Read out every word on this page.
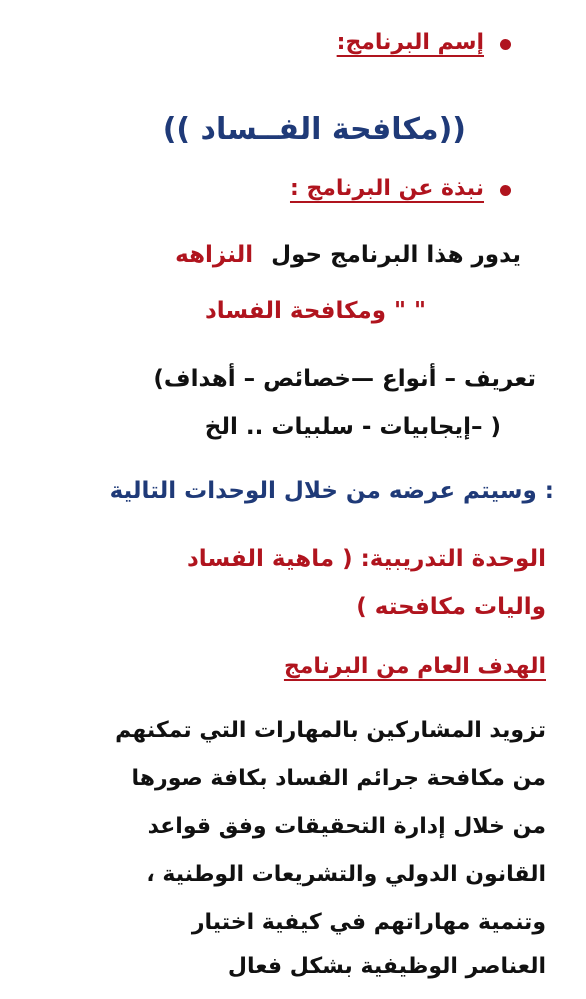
إسم البرنامج:
((مكافحة الفــساد ))
نبذة عن البرنامج :
يدور هذا البرنامج حول النزاهه
" " ومكافحة الفساد
تعريف – أنواع —خصائص – أهداف)
( –إيجابيات - سلبيات .. الخ
: وسيتم عرضه من خلال الوحدات التالية
الوحدة التدريبية: ( ماهية الفساد
واليات مكافحته )
الهدف العام من البرنامج
تزويد المشاركين بالمهارات التي تمكنهم
من مكافحة جرائم الفساد بكافة صورها
من خلال إدارة التحقيقات وفق قواعد
القانون الدولي والتشريعات الوطنية ،
وتنمية مهاراتهم في كيفية اختيار
العناصر الوظيفية بشكل فعال
